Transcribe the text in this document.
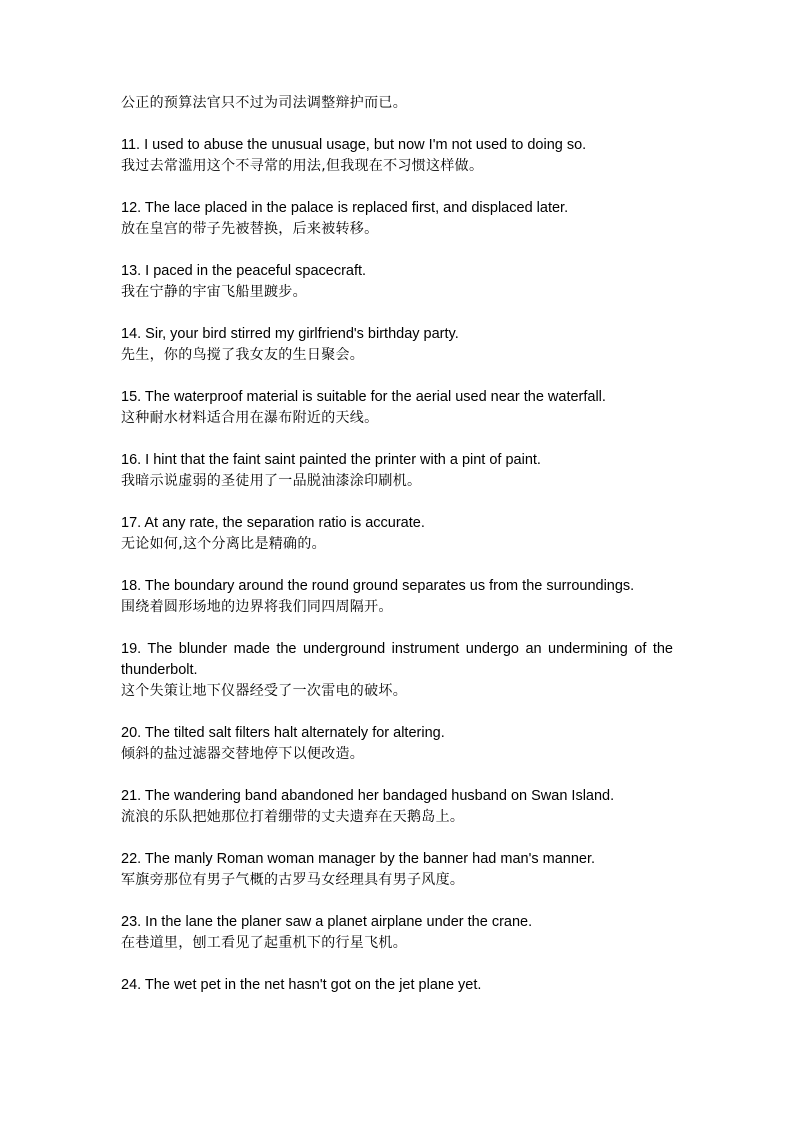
公正的预算法官只不过为司法调整辩护而已。
11. I used to abuse the unusual usage, but now I'm not used to doing so.
我过去常滥用这个不寻常的用法,但我现在不习惯这样做。
12. The lace placed in the palace is replaced first, and displaced later.
放在皇宫的带子先被替换，后来被转移。
13. I paced in the peaceful spacecraft.
我在宁静的宇宙飞船里踱步。
14. Sir, your bird stirred my girlfriend's birthday party.
先生，你的鸟搅了我女友的生日聚会。
15. The waterproof material is suitable for the aerial used near the waterfall.
这种耐水材料适合用在瀑布附近的天线。
16. I hint that the faint saint painted the printer with a pint of paint.
我暗示说虚弱的圣徒用了一品脱油漆涂印刷机。
17. At any rate, the separation ratio is accurate.
无论如何,这个分离比是精确的。
18. The boundary around the round ground separates us from the surroundings.
围绕着圆形场地的边界将我们同四周隔开。
19. The blunder made the underground instrument undergo an undermining of the thunderbolt.
这个失策让地下仪器经受了一次雷电的破坏。
20. The tilted salt filters halt alternately for altering.
倾斜的盐过滤器交替地停下以便改造。
21. The wandering band abandoned her bandaged husband on Swan Island.
流浪的乐队把她那位打着绷带的丈夫遗弃在天鹅岛上。
22. The manly Roman woman manager by the banner had man's manner.
军旗旁那位有男子气概的古罗马女经理具有男子风度。
23. In the lane the planer saw a planet airplane under the crane.
在巷道里，刨工看见了起重机下的行星飞机。
24. The wet pet in the net hasn't got on the jet plane yet.
